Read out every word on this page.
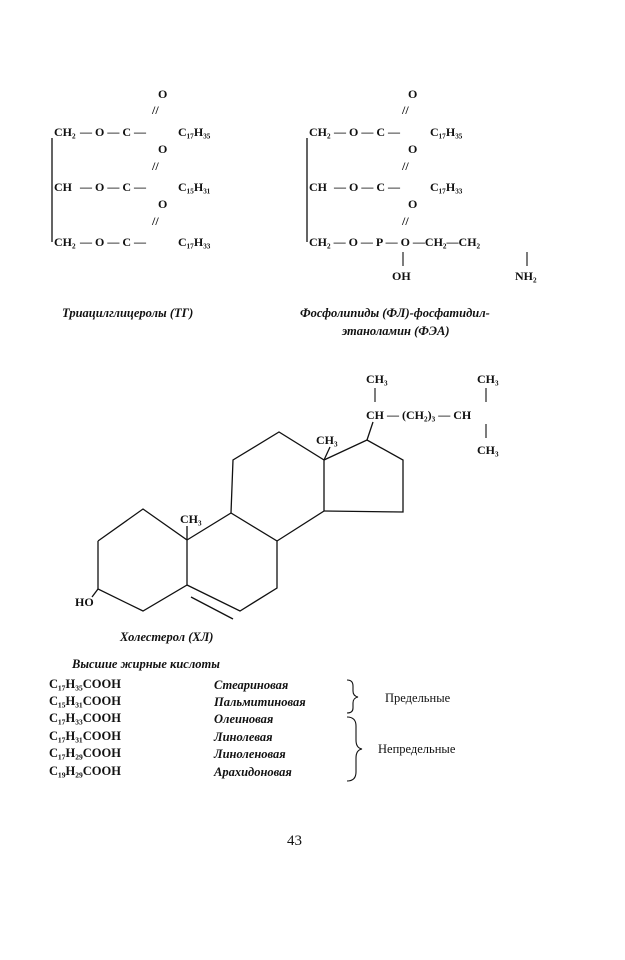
O
//
CH₂ — O — C —	C₁₇H₃₅
O
//
CH — O — C —	C₁₅H₃₁
O
//
CH₂ — O — C —	C₁₇H₃₃
Триацилглицеролы (ТГ)
O
//
CH₂ — O — C —	C₁₇H₃₅
O
//
CH — O — C —	C₁₇H₃₃
O
//
CH₂ — O — P — O —CH₂—CH₂
OH	NH₂
Фосфолипиды (ФЛ)-фосфатидил-
этаноламин (ФЭА)
CH₃
CH₃
HO
CH₃
CH — (CH₂)₃ — CH
CH₃
CH₃
Холестерол (ХЛ)
Высшие жирные кислоты
C₁₇H₃₅COOH	Стеариновая
C₁₅H₃₁COOH	Пальмитиновая
C₁₇H₃₃COOH	Олеиновая
C₁₇H₃₁COOH	Линолевая
C₁₇H₂₉COOH	Линоленовая
C₁₉H₂₉COOH	Арахидоновая
Предельные
Непредельные
43
